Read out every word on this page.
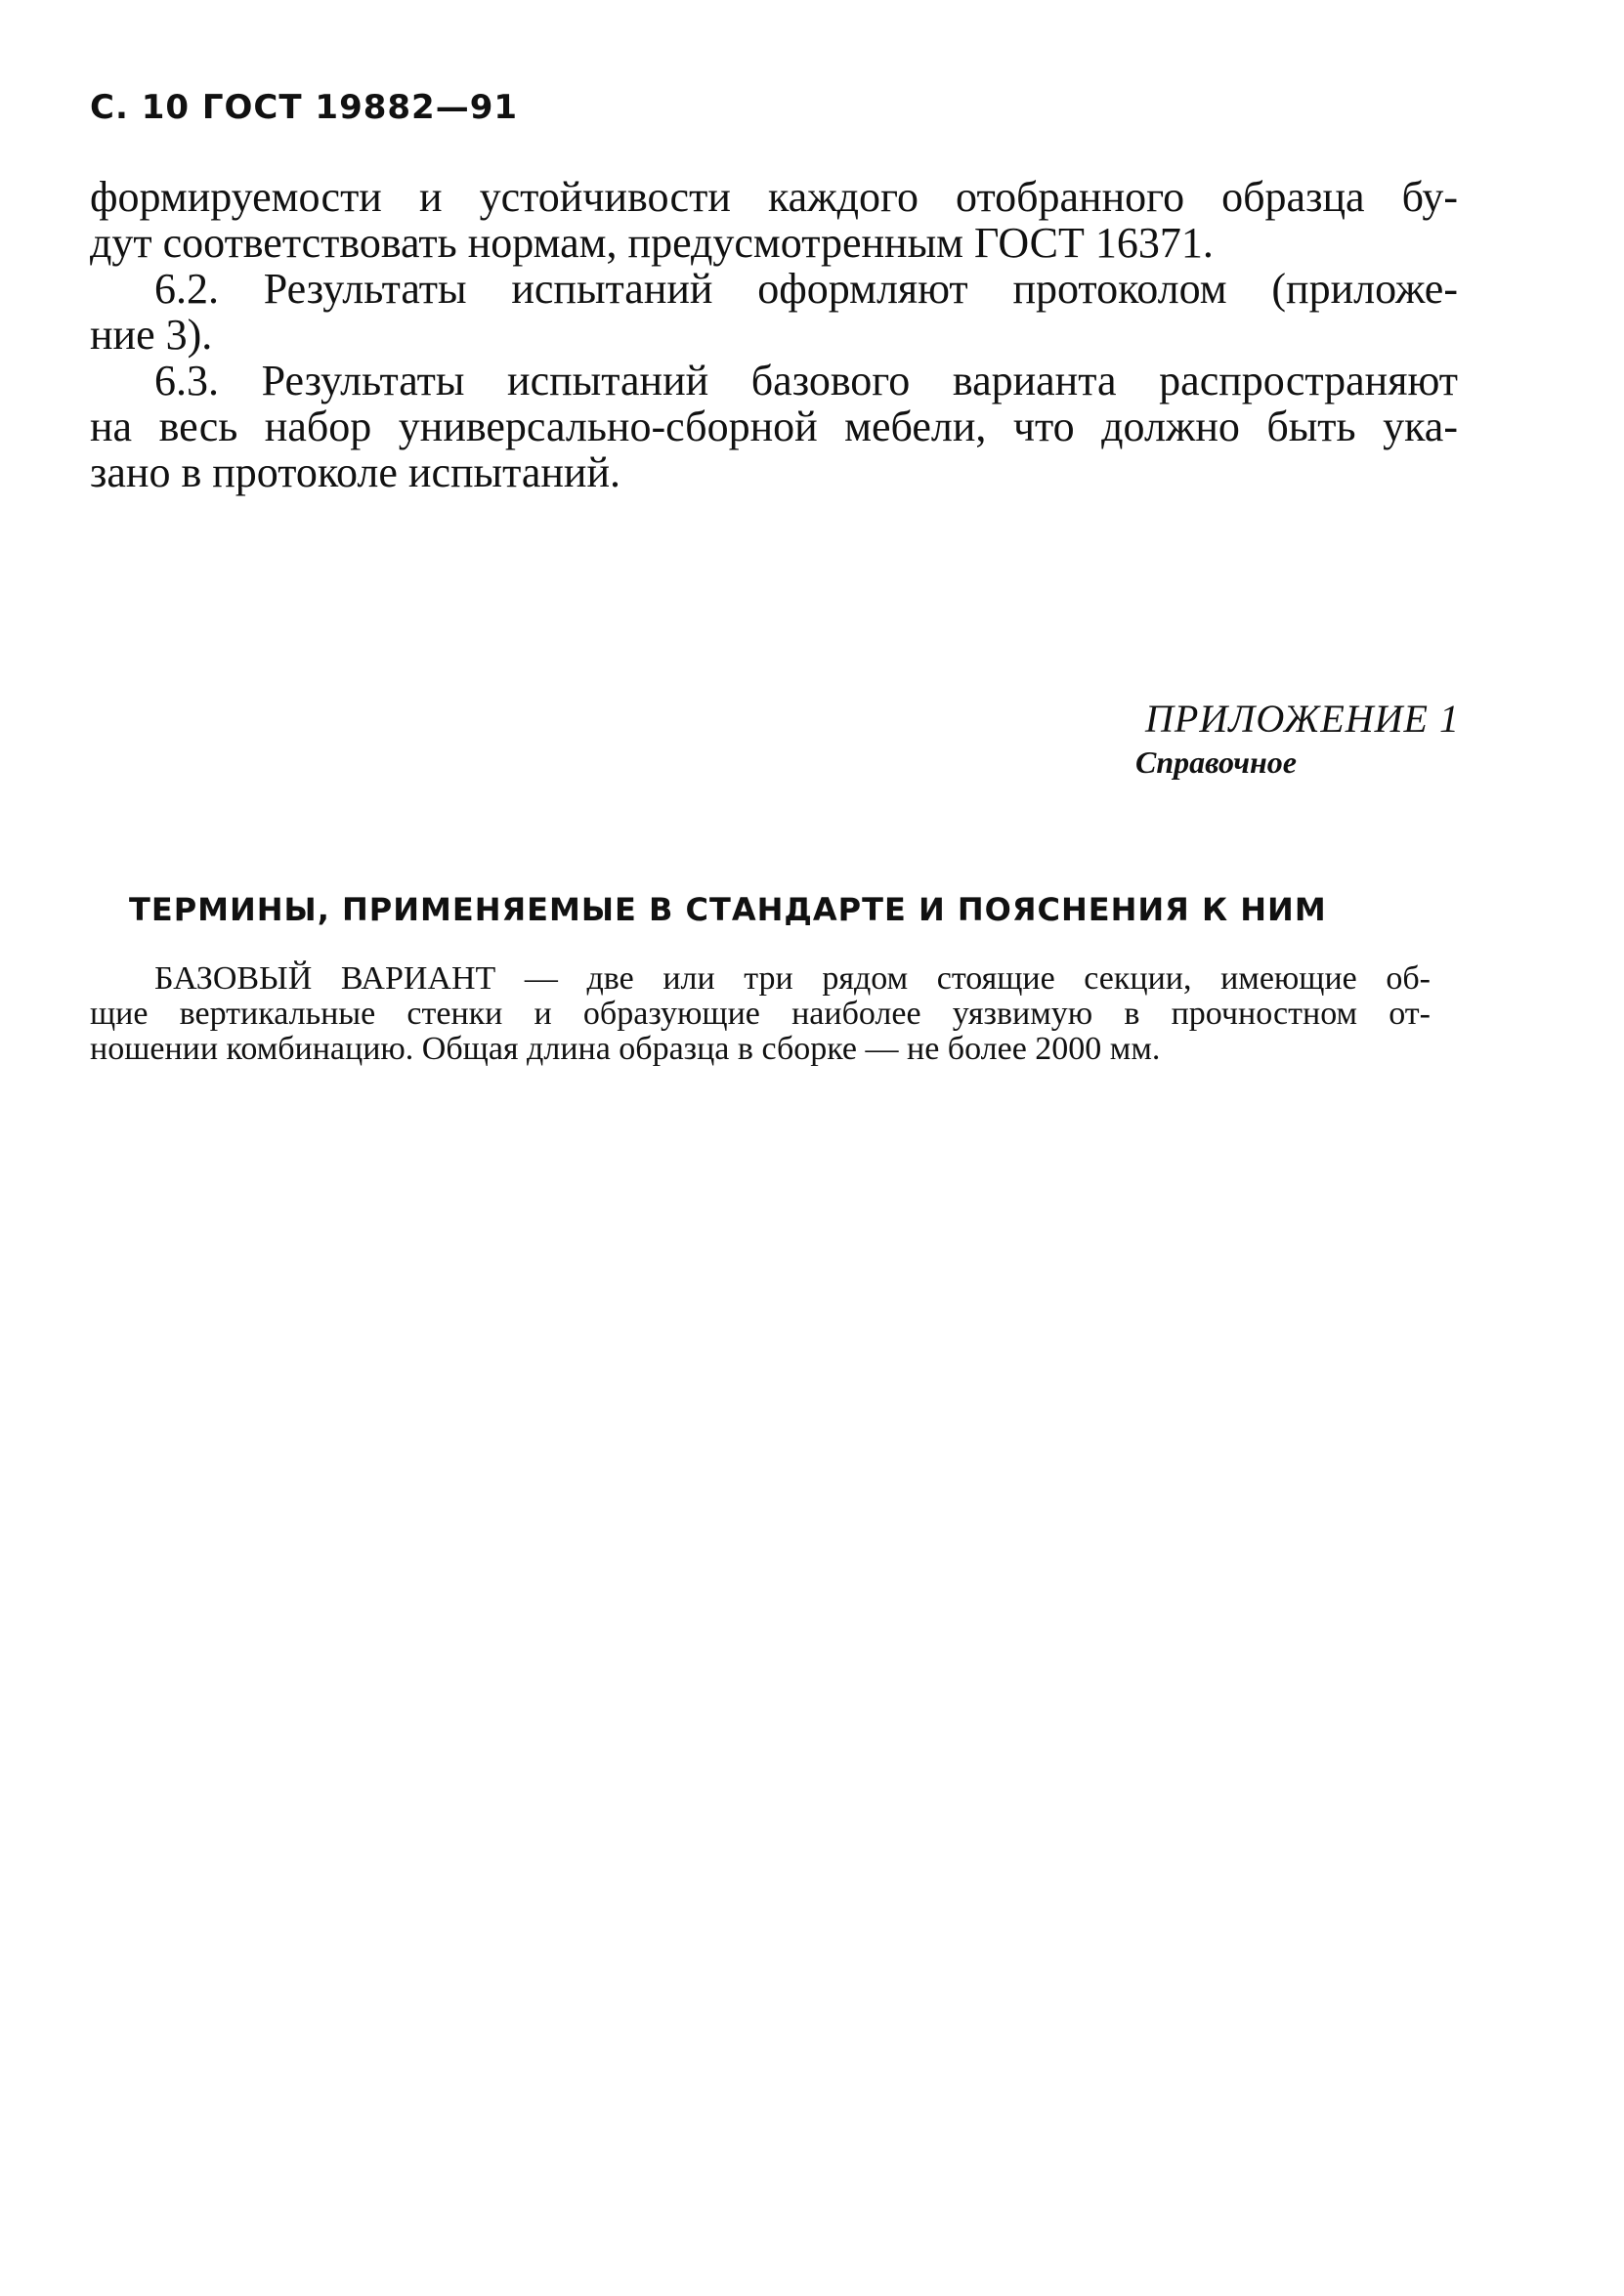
С. 10 ГОСТ 19882—91
формируемости и устойчивости каждого отобранного образца бу-
дут соответствовать нормам, предусмотренным ГОСТ 16371.
6.2. Результаты испытаний оформляют протоколом (приложе-
ние 3).
6.3. Результаты испытаний базового варианта распространяют
на весь набор универсально-сборной мебели, что должно быть ука-
зано в протоколе испытаний.
ПРИЛОЖЕНИЕ 1
Справочное
ТЕРМИНЫ, ПРИМЕНЯЕМЫЕ В СТАНДАРТЕ И ПОЯСНЕНИЯ К НИМ
БАЗОВЫЙ ВАРИАНТ — две или три рядом стоящие секции, имеющие об-
щие вертикальные стенки и образующие наиболее уязвимую в прочностном от-
ношении комбинацию. Общая длина образца в сборке — не более 2000 мм.
